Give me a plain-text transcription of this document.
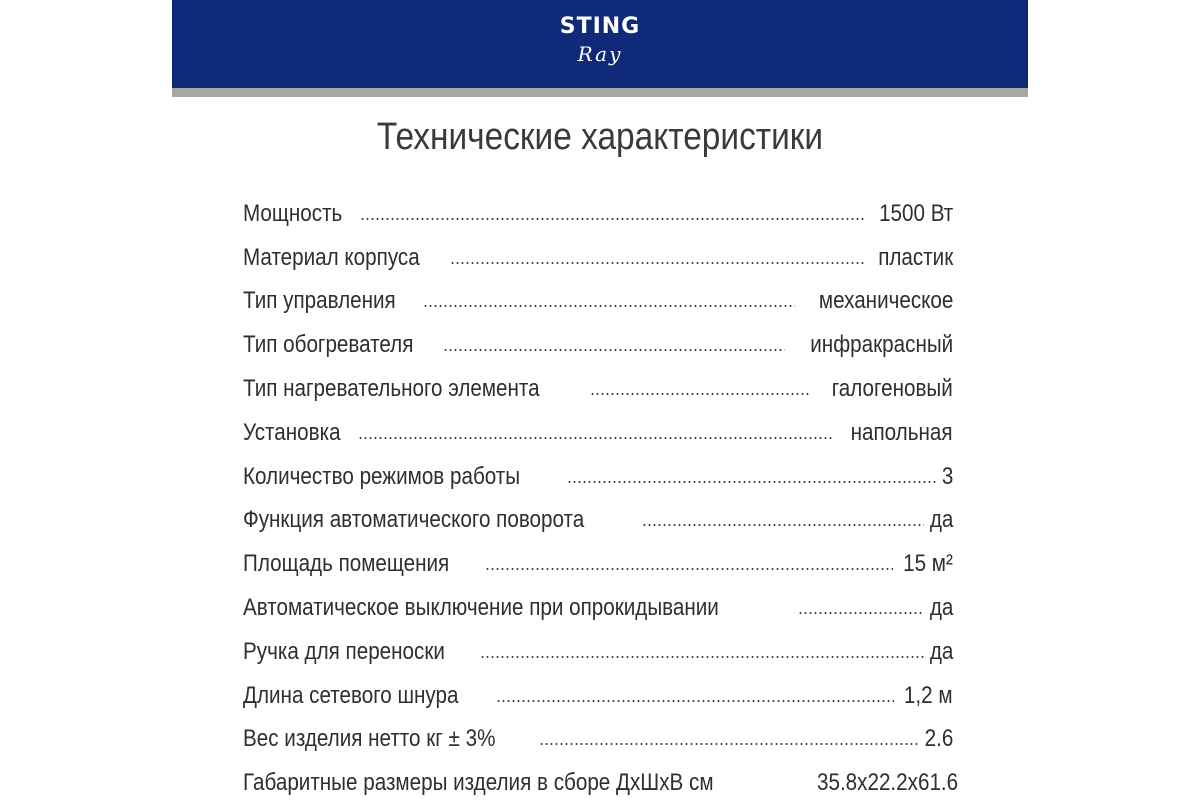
STING
Ray
Технические характеристики
Мощность	1500 Вт
Материал корпуса	пластик
Тип управления	механическое
Тип обогревателя	инфракрасный
Тип нагревательного элемента	галогеновый
Установка	напольная
Количество режимов работы	3
Функция автоматического поворота	да
Площадь помещения	15 м²
Автоматическое выключение при опрокидывании	да
Ручка для переноски	да
Длина сетевого шнура	1,2 м
Вес изделия нетто кг ± 3%	2.6
Габаритные размеры изделия в сборе ДхШхВ см	35.8x22.2x61.6
